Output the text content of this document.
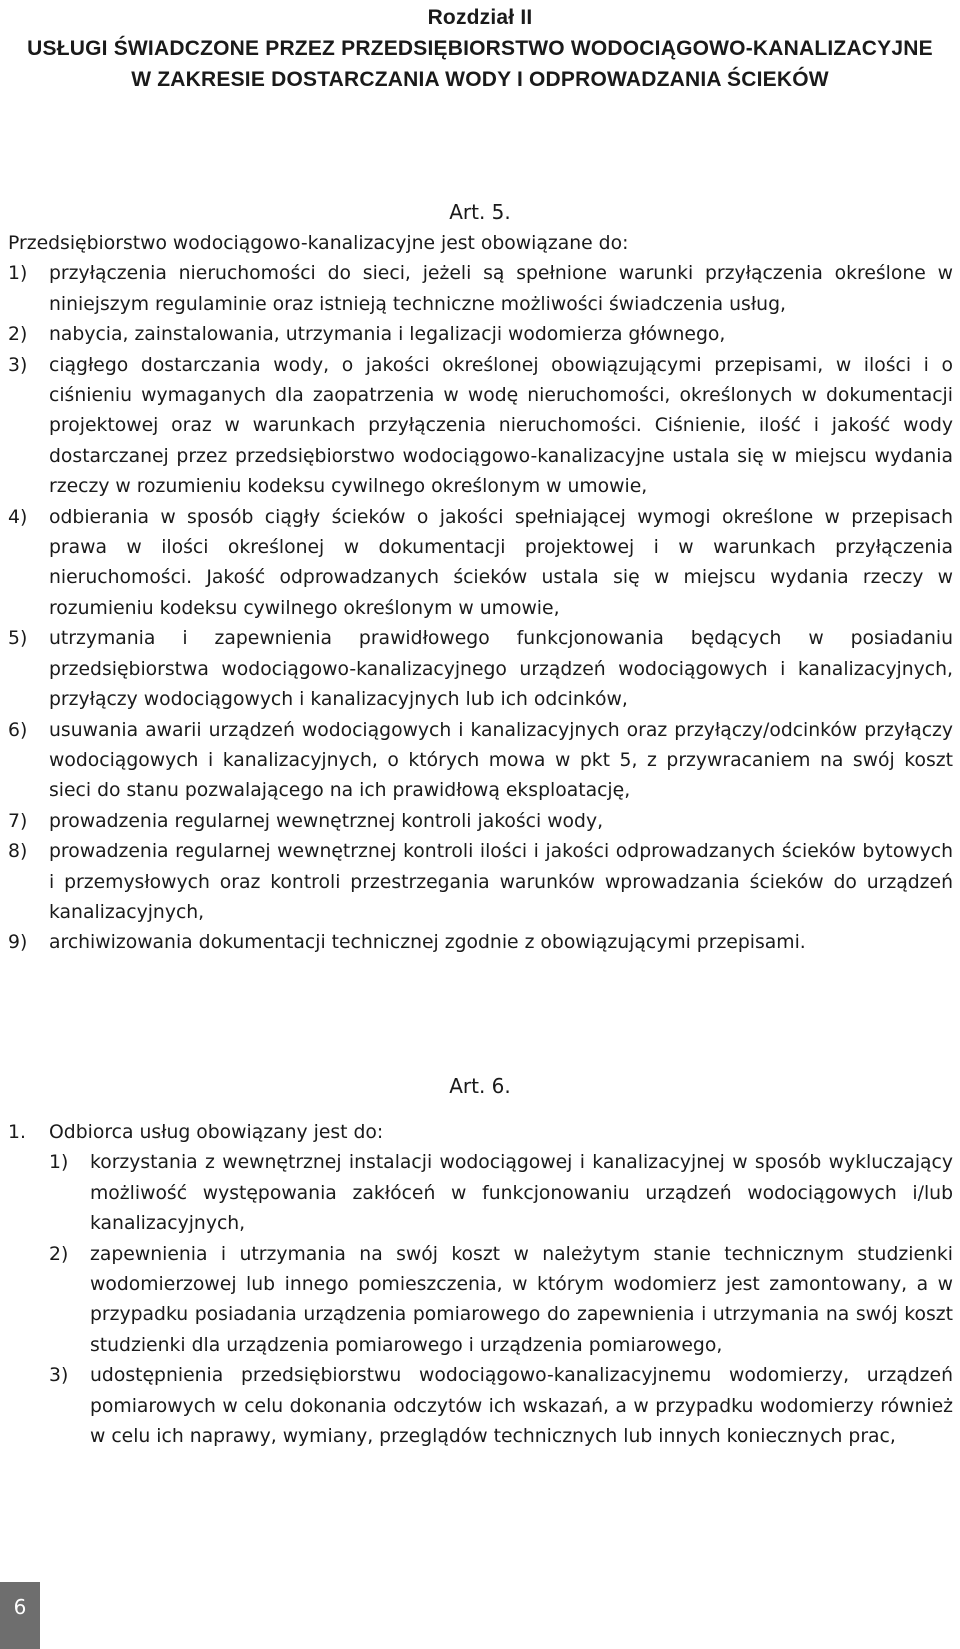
Rozdział II
USŁUGI ŚWIADCZONE PRZEZ PRZEDSIĘBIORSTWO WODOCIĄGOWO-KANALIZACYJNE
W ZAKRESIE DOSTARCZANIA WODY I ODPROWADZANIA ŚCIEKÓW
Art. 5.

Przedsiębiorstwo wodociągowo-kanalizacyjne jest obowiązane do:

1) przyłączenia nieruchomości do sieci, jeżeli są spełnione warunki przyłączenia określone w niniejszym regulaminie oraz istnieją techniczne możliwości świadczenia usług,
2) nabycia, zainstalowania, utrzymania i legalizacji wodomierza głównego,
3) ciągłego dostarczania wody, o jakości określonej obowiązującymi przepisami, w ilości i o ciśnieniu wymaganych dla zaopatrzenia w wodę nieruchomości, określonych w dokumentacji projektowej oraz w warunkach przyłączenia nieruchomości. Ciśnienie, ilość i jakość wody dostarczanej przez przedsiębiorstwo wodociągowo-kanalizacyjne ustala się w miejscu wydania rzeczy w rozumieniu kodeksu cywilnego określonym w umowie,
4) odbierania w sposób ciągły ścieków o jakości spełniającej wymogi określone w przepisach prawa w ilości określonej w dokumentacji projektowej i w warunkach przyłączenia nieruchomości. Jakość odprowadzanych ścieków ustala się w miejscu wydania rzeczy w rozumieniu kodeksu cywilnego określonym w umowie,
5) utrzymania i zapewnienia prawidłowego funkcjonowania będących w posiadaniu przedsiębiorstwa wodociągowo-kanalizacyjnego urządzeń wodociągowych i kanalizacyjnych, przyłączy wodociągowych i kanalizacyjnych lub ich odcinków,
6) usuwania awarii urządzeń wodociągowych i kanalizacyjnych oraz przyłączy/odcinków przyłączy wodociągowych i kanalizacyjnych, o których mowa w pkt 5, z przywracaniem na swój koszt sieci do stanu pozwalającego na ich prawidłową eksploatację,
7) prowadzenia regularnej wewnętrznej kontroli jakości wody,
8) prowadzenia regularnej wewnętrznej kontroli ilości i jakości odprowadzanych ścieków bytowych i przemysłowych oraz kontroli przestrzegania warunków wprowadzania ścieków do urządzeń kanalizacyjnych,
9) archiwizowania dokumentacji technicznej zgodnie z obowiązującymi przepisami.
Art. 6.
1. Odbiorca usług obowiązany jest do:
1) korzystania z wewnętrznej instalacji wodociągowej i kanalizacyjnej w sposób wykluczający możliwość występowania zakłóceń w funkcjonowaniu urządzeń wodociągowych i/lub kanalizacyjnych,
2) zapewnienia i utrzymania na swój koszt w należytym stanie technicznym studzienki wodomierzowej lub innego pomieszczenia, w którym wodomierz jest zamontowany, a w przypadku posiadania urządzenia pomiarowego do zapewnienia i utrzymania na swój koszt studzienki dla urządzenia pomiarowego i urządzenia pomiarowego,
3) udostępnienia przedsiębiorstwu wodociągowo-kanalizacyjnemu wodomierzy, urządzeń pomiarowych w celu dokonania odczytów ich wskazań, a w przypadku wodomierzy również w celu ich naprawy, wymiany, przeglądów technicznych lub innych koniecznych prac,
6
